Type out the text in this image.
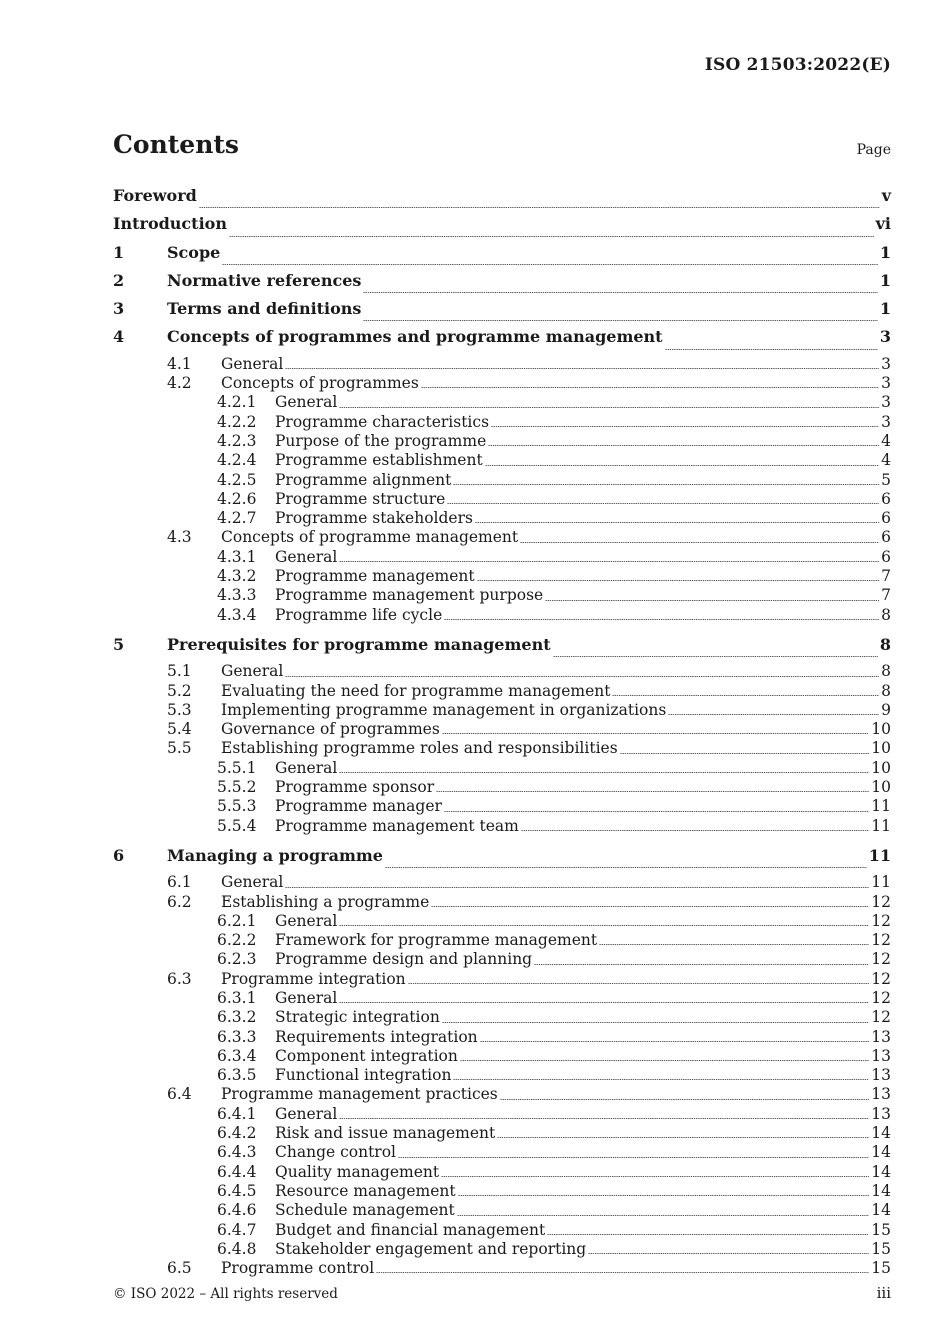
ISO 21503:2022(E)
Contents	Page
Foreword	v
Introduction	vi
1	Scope	1
2	Normative references	1
3	Terms and definitions	1
4	Concepts of programmes and programme management	3
4.1	General	3
4.2	Concepts of programmes	3
4.2.1	General	3
4.2.2	Programme characteristics	3
4.2.3	Purpose of the programme	4
4.2.4	Programme establishment	4
4.2.5	Programme alignment	5
4.2.6	Programme structure	6
4.2.7	Programme stakeholders	6
4.3	Concepts of programme management	6
4.3.1	General	6
4.3.2	Programme management	7
4.3.3	Programme management purpose	7
4.3.4	Programme life cycle	8
5	Prerequisites for programme management	8
5.1	General	8
5.2	Evaluating the need for programme management	8
5.3	Implementing programme management in organizations	9
5.4	Governance of programmes	10
5.5	Establishing programme roles and responsibilities	10
5.5.1	General	10
5.5.2	Programme sponsor	10
5.5.3	Programme manager	11
5.5.4	Programme management team	11
6	Managing a programme	11
6.1	General	11
6.2	Establishing a programme	12
6.2.1	General	12
6.2.2	Framework for programme management	12
6.2.3	Programme design and planning	12
6.3	Programme integration	12
6.3.1	General	12
6.3.2	Strategic integration	12
6.3.3	Requirements integration	13
6.3.4	Component integration	13
6.3.5	Functional integration	13
6.4	Programme management practices	13
6.4.1	General	13
6.4.2	Risk and issue management	14
6.4.3	Change control	14
6.4.4	Quality management	14
6.4.5	Resource management	14
6.4.6	Schedule management	14
6.4.7	Budget and financial management	15
6.4.8	Stakeholder engagement and reporting	15
6.5	Programme control	15
© ISO 2022 – All rights reserved	iii
